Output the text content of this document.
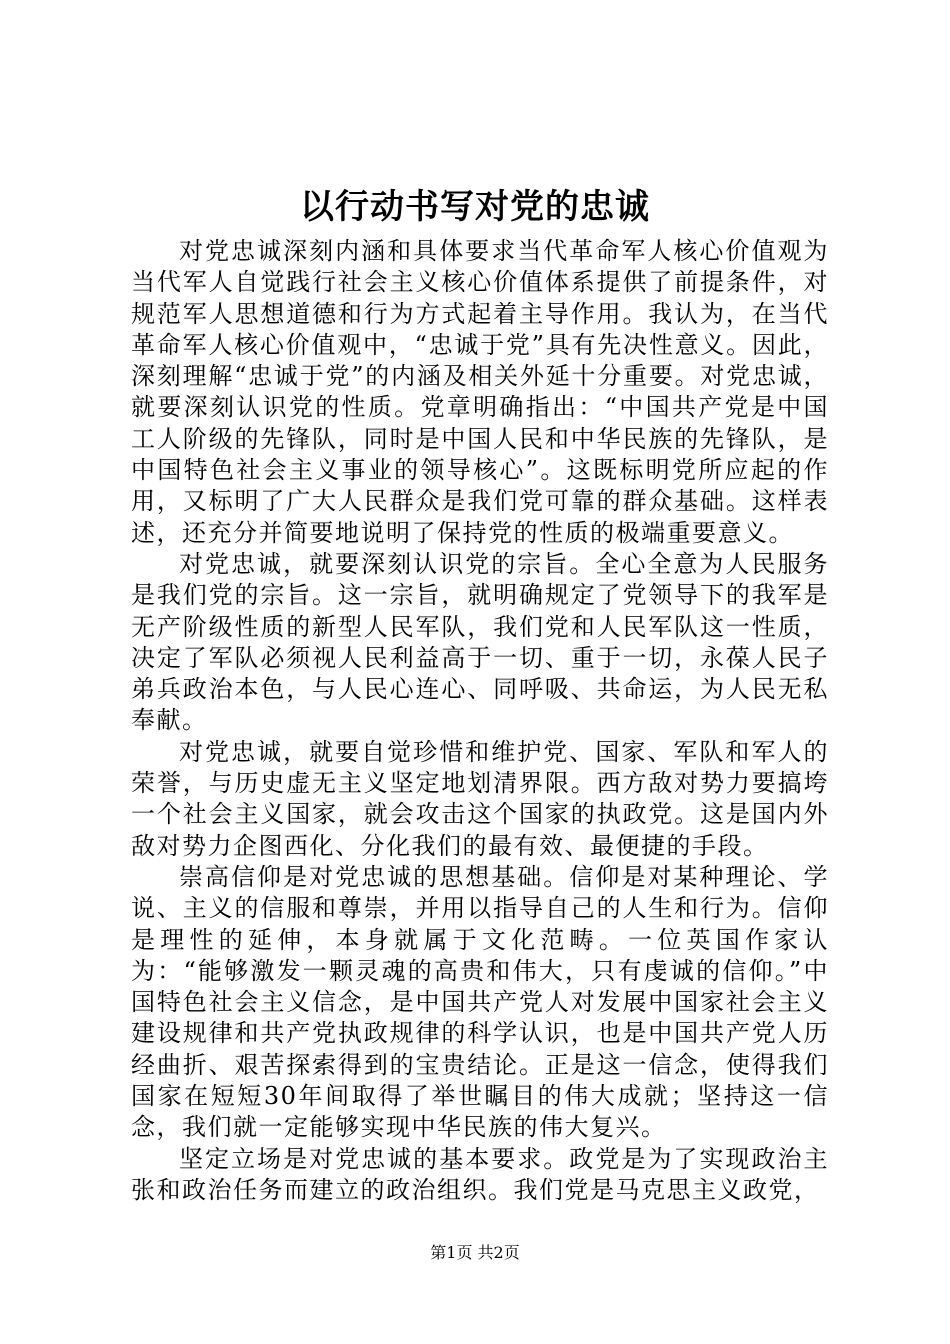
以行动书写对党的忠诚

对党忠诚深刻内涵和具体要求当代革命军人核心价值观为当代军人自觉践行社会主义核心价值体系提供了前提条件，对规范军人思想道德和行为方式起着主导作用。我认为，在当代革命军人核心价值观中，“忠诚于党”具有先决性意义。因此，深刻理解“忠诚于党”的内涵及相关外延十分重要。对党忠诚，就要深刻认识党的性质。党章明确指出：“中国共产党是中国工人阶级的先锋队，同时是中国人民和中华民族的先锋队，是中国特色社会主义事业的领导核心”。这既标明党所应起的作用，又标明了广大人民群众是我们党可靠的群众基础。这样表述，还充分并简要地说明了保持党的性质的极端重要意义。

对党忠诚，就要深刻认识党的宗旨。全心全意为人民服务是我们党的宗旨。这一宗旨，就明确规定了党领导下的我军是无产阶级性质的新型人民军队，我们党和人民军队这一性质，决定了军队必须视人民利益高于一切、重于一切，永葆人民子弟兵政治本色，与人民心连心、同呼吸、共命运，为人民无私奉献。

对党忠诚，就要自觉珍惜和维护党、国家、军队和军人的荣誉，与历史虚无主义坚定地划清界限。西方敌对势力要搞垮一个社会主义国家，就会攻击这个国家的执政党。这是国内外敌对势力企图西化、分化我们的最有效、最便捷的手段。

崇高信仰是对党忠诚的思想基础。信仰是对某种理论、学说、主义的信服和尊崇，并用以指导自己的人生和行为。信仰是理性的延伸，本身就属于文化范畴。一位英国作家认为：“能够激发一颗灵魂的高贵和伟大，只有虔诚的信仰。”中国特色社会主义信念，是中国共产党人对发展中国家社会主义建设规律和共产党执政规律的科学认识，也是中国共产党人历经曲折、艰苦探索得到的宝贵结论。正是这一信念，使得我们国家在短短30年间取得了举世瞩目的伟大成就；坚持这一信念，我们就一定能够实现中华民族的伟大复兴。

坚定立场是对党忠诚的基本要求。政党是为了实现政治主张和政治任务而建立的政治组织。我们党是马克思主义政党，

第1页 共2页
